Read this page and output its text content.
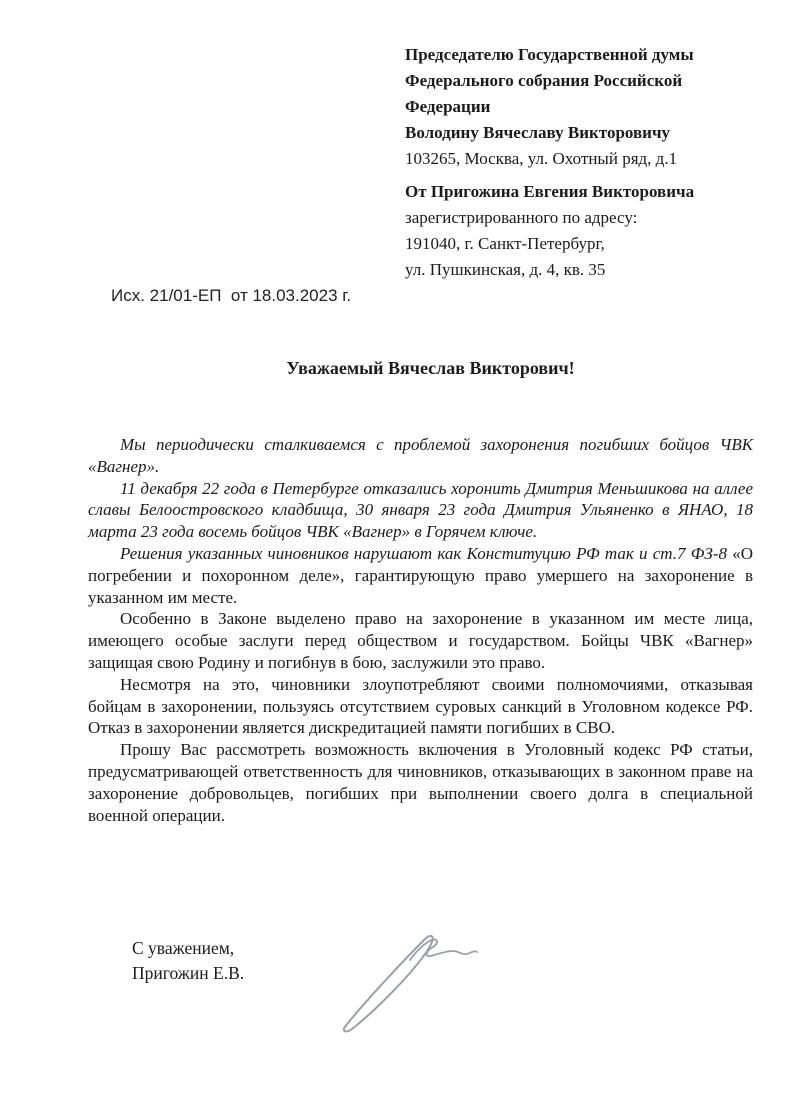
Председателю Государственной думы
Федерального собрания Российской
Федерации
Володину Вячеславу Викторовичу
103265, Москва, ул. Охотный ряд, д.1
От Пригожина Евгения Викторовича
зарегистрированного по адресу:
191040, г. Санкт-Петербург,
ул. Пушкинская, д. 4, кв. 35
Исх. 21/01-ЕП  от 18.03.2023 г.
Уважаемый Вячеслав Викторович!

Мы периодически сталкиваемся с проблемой захоронения погибших бойцов ЧВК «Вагнер».

11 декабря 22 года в Петербурге отказались хоронить Дмитрия Меньшикова на аллее славы Белоостровского кладбища, 30 января 23 года Дмитрия Ульяненко в ЯНАО, 18 марта 23 года восемь бойцов ЧВК «Вагнер» в Горячем ключе.

Решения указанных чиновников нарушают как Конституцию РФ так и ст.7 ФЗ-8 «О погребении и похоронном деле», гарантирующую право умершего на захоронение в указанном им месте.

Особенно в Законе выделено право на захоронение в указанном им месте лица, имеющего особые заслуги перед обществом и государством. Бойцы ЧВК «Вагнер» защищая свою Родину и погибнув в бою, заслужили это право.

Несмотря на это, чиновники злоупотребляют своими полномочиями, отказывая бойцам в захоронении, пользуясь отсутствием суровых санкций в Уголовном кодексе РФ. Отказ в захоронении является дискредитацией памяти погибших в СВО.

Прошу Вас рассмотреть возможность включения в Уголовный кодекс РФ статьи, предусматривающей ответственность для чиновников, отказывающих в законном праве на захоронение добровольцев, погибших при выполнении своего долга в специальной военной операции.

С уважением,
Пригожин Е.В.
